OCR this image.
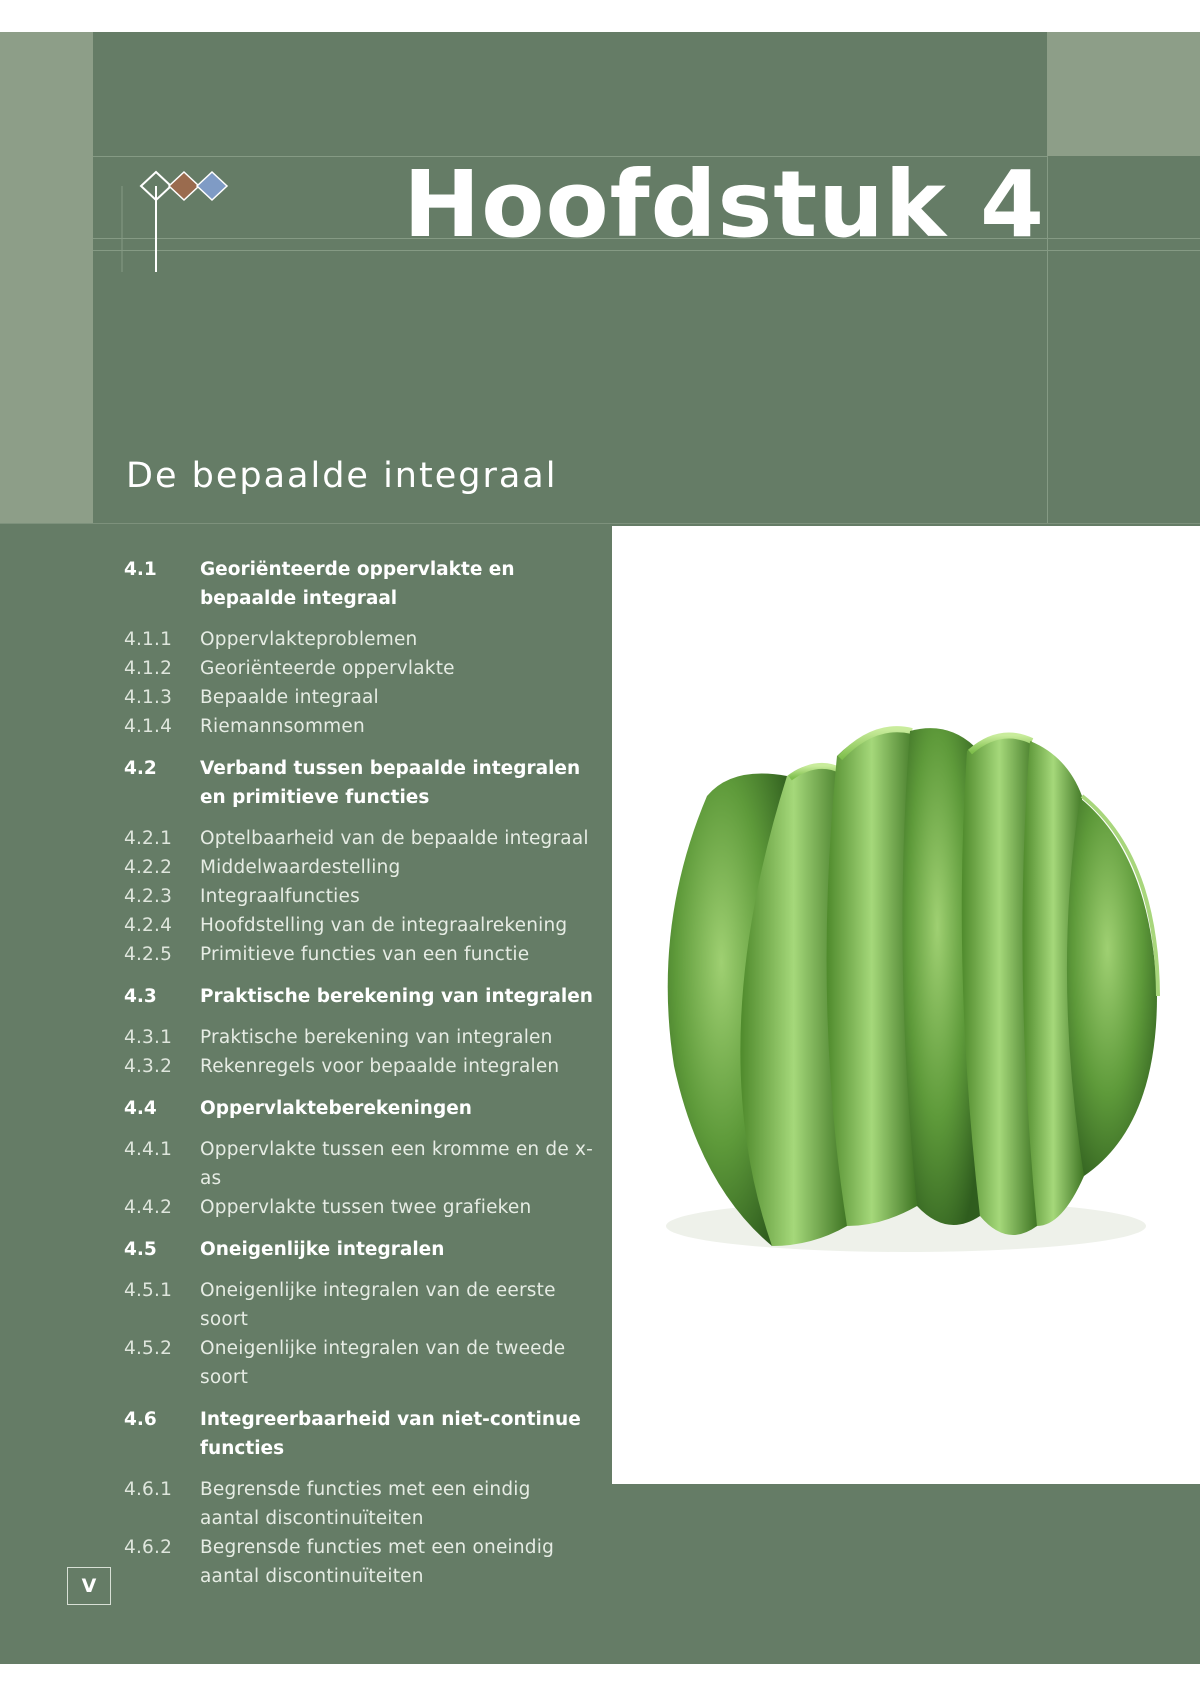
Hoofdstuk 4
De bepaalde integraal
4.1 Georiënteerde oppervlakte en bepaalde integraal
4.1.1 Oppervlakteproblemen
4.1.2 Georiënteerde oppervlakte
4.1.3 Bepaalde integraal
4.1.4 Riemannsommen
4.2 Verband tussen bepaalde integralen en primitieve functies
4.2.1 Optelbaarheid van de bepaalde integraal
4.2.2 Middelwaardestelling
4.2.3 Integraalfuncties
4.2.4 Hoofdstelling van de integraalrekening
4.2.5 Primitieve functies van een functie
4.3 Praktische berekening van integralen
4.3.1 Praktische berekening van integralen
4.3.2 Rekenregels voor bepaalde integralen
4.4 Oppervlakteberekeningen
4.4.1 Oppervlakte tussen een kromme en de x-as
4.4.2 Oppervlakte tussen twee grafieken
4.5 Oneigenlijke integralen
4.5.1 Oneigenlijke integralen van de eerste soort
4.5.2 Oneigenlijke integralen van de tweede soort
4.6 Integreerbaarheid van niet-continue functies
4.6.1 Begrensde functies met een eindig aantal discontinuïteiten
4.6.2 Begrensde functies met een oneindig aantal discontinuïteiten
V
